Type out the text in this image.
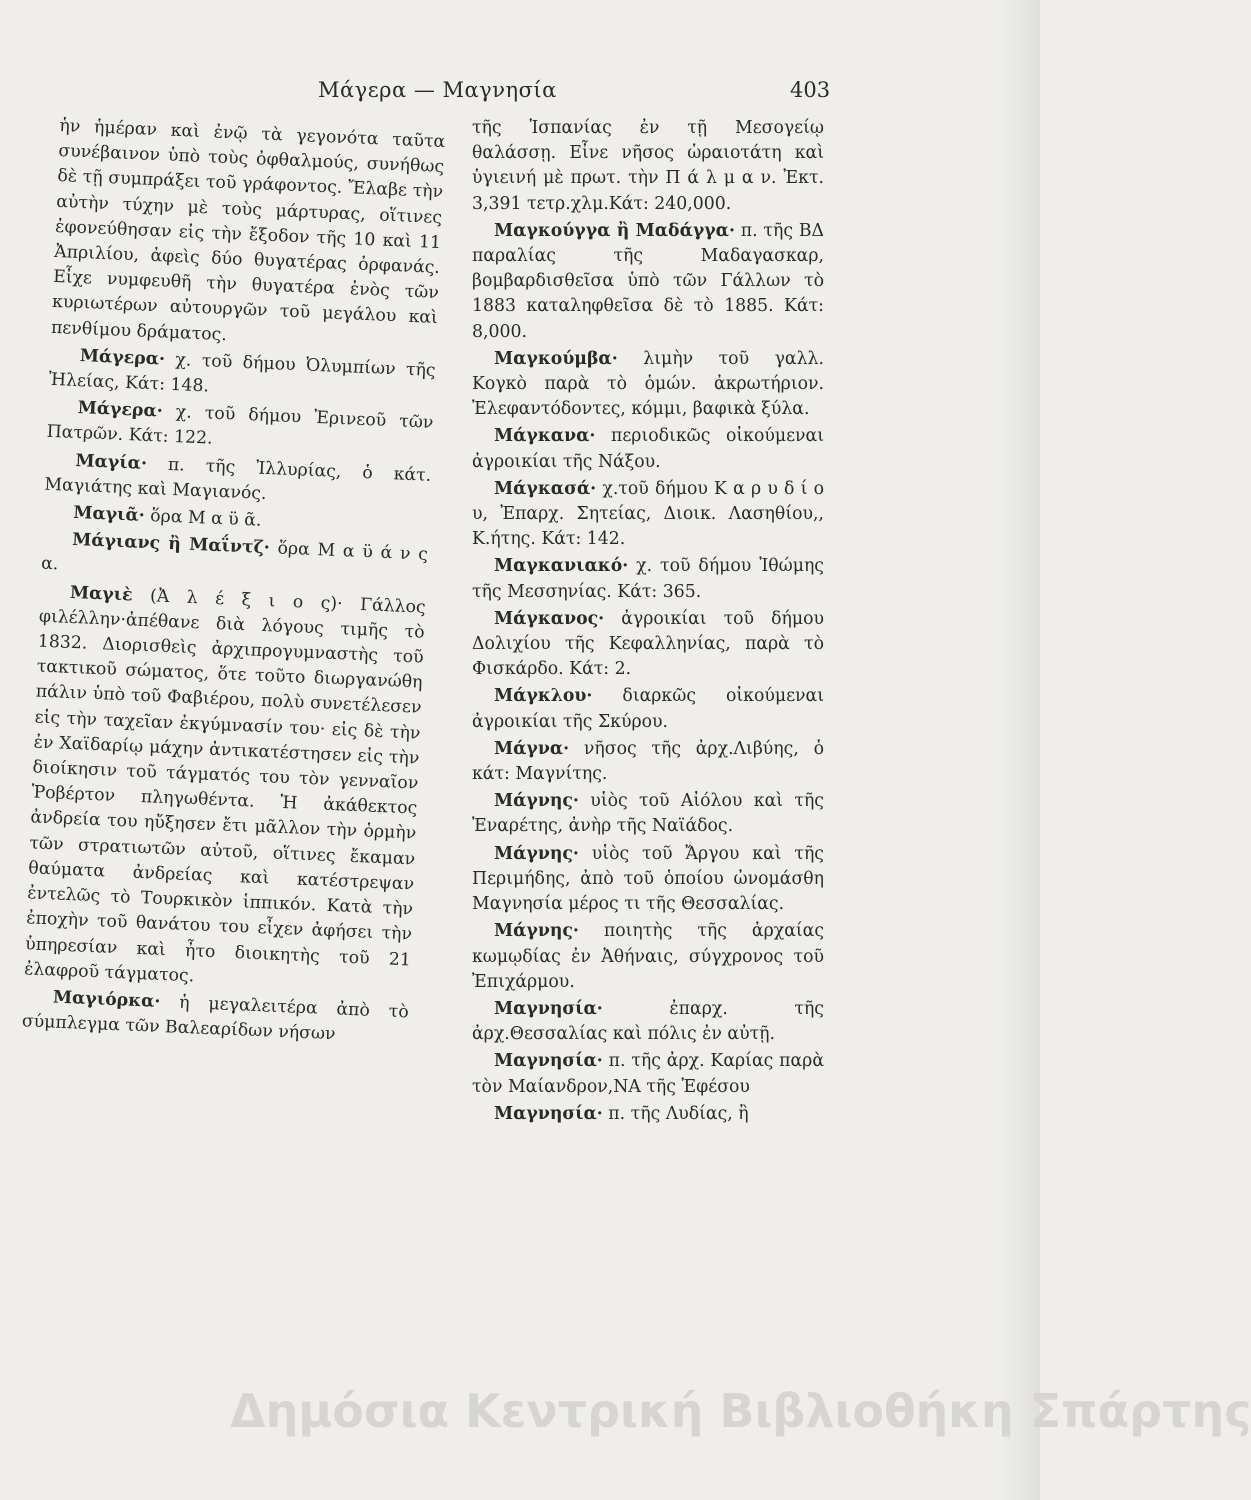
Μάγερα — Μαγνησία	403

ἡν ἡμέραν καὶ ἐνῷ τὰ γεγονότα ταῦτα συνέβαινον ὑπὸ τοὺς ὀφθαλμούς, συνήθως δὲ τῇ συμπράξει τοῦ γράφοντος. Ἔλαβε τὴν αὐτὴν τύχην μὲ τοὺς μάρτυρας, οἵτινες ἐφονεύθησαν εἰς τὴν ἔξοδον τῆς 10 καὶ 11 Ἀπριλίου, ἀφεὶς δύο θυγατέρας ὀρφανάς. Εἶχε νυμφευθῆ τὴν θυγατέρα ἑνὸς τῶν κυριωτέρων αὐτουργῶν τοῦ μεγάλου καὶ πενθίμου δράματος.

Μάγερα· χ. τοῦ δήμου Ὀλυμπίων τῆς Ἠλείας, Κάτ: 148.

Μάγερα· χ. τοῦ δήμου Ἐρινεοῦ τῶν Πατρῶν. Κάτ: 122.

Μαγία· π. τῆς Ἰλλυρίας, ὁ κάτ. Μαγιάτης καὶ Μαγιανός.

Μαγιᾶ· ὅρα Μ α ϋ ᾶ.

Μάγιανς ἢ Μαΐντζ· ὅρα Μ α ϋ ά ν ς α.

Μαγιὲ (Ἀ λ έ ξ ι ο ς)· Γάλλος φιλέλλην·ἀπέθανε διὰ λόγους τιμῆς τὸ 1832. Διορισθεὶς ἀρχιπρογυμναστὴς τοῦ τακτικοῦ σώματος, ὅτε τοῦτο διωργανώθη πάλιν ὑπὸ τοῦ Φαβιέρου, πολὺ συνετέλεσεν εἰς τὴν ταχεῖαν ἐκγύμνασίν του· εἰς δὲ τὴν ἐν Χαϊδαρίῳ μάχην ἀντικατέστησεν εἰς τὴν διοίκησιν τοῦ τάγματός του τὸν γενναῖον Ῥοβέρτον πληγωθέντα. Ἡ ἀκάθεκτος ἀνδρεία του ηὔξησεν ἔτι μᾶλλον τὴν ὁρμὴν τῶν στρατιωτῶν αὐτοῦ, οἵτινες ἔκαμαν θαύματα ἀνδρείας καὶ κατέστρεψαν ἐντελῶς τὸ Τουρκικὸν ἱππικόν. Κατὰ τὴν ἐποχὴν τοῦ θανάτου του εἶχεν ἀφήσει τὴν ὑπηρεσίαν καὶ ἦτο διοικητὴς τοῦ 21 ἐλαφροῦ τάγματος.

Μαγιόρκα· ἡ μεγαλειτέρα ἀπὸ τὸ σύμπλεγμα τῶν Βαλεαρίδων νήσων

τῆς Ἱσπανίας ἐν τῇ Μεσογείῳ θαλάσσῃ. Εἶνε νῆσος ὡραιοτάτη καὶ ὑγιεινή μὲ πρωτ. τὴν Π ά λ μ α ν. Ἐκτ. 3,391 τετρ.χλμ.Κάτ: 240,000.

Μαγκούγγα ἢ Μαδάγγα· π. τῆς ΒΔ παραλίας τῆς Μαδαγασκαρ, βομβαρδισθεῖσα ὑπὸ τῶν Γάλλων τὸ 1883 καταληφθεῖσα δὲ τὸ 1885. Κάτ: 8,000.

Μαγκούμβα· λιμὴν τοῦ γαλλ. Κογκὸ παρὰ τὸ ὁμών. ἀκρωτήριον. Ἐλεφαντόδοντες, κόμμι, βαφικὰ ξύλα.

Μάγκανα· περιοδικῶς οἰκούμεναι ἀγροικίαι τῆς Νάξου.

Μάγκασά· χ.τοῦ δήμου Κ α ρ υ δ ί ο υ, Ἐπαρχ. Σητείας, Διοικ. Λασηθίου,, Κ.ήτης. Κάτ: 142.

Μαγκανιακό· χ. τοῦ δήμου Ἰθώμης τῆς Μεσσηνίας. Κάτ: 365.

Μάγκανος· ἀγροικίαι τοῦ δήμου Δολιχίου τῆς Κεφαλληνίας, παρὰ τὸ Φισκάρδο. Κάτ: 2.

Μάγκλου· διαρκῶς οἰκούμεναι ἀγροικίαι τῆς Σκύρου.

Μάγνα· νῆσος τῆς ἀρχ.Λιβύης, ὁ κάτ: Μαγνίτης.

Μάγνης· υἱὸς τοῦ Αἰόλου καὶ τῆς Ἐναρέτης, ἀνὴρ τῆς Ναϊάδος.

Μάγνης· υἱὸς τοῦ Ἄργου καὶ τῆς Περιμήδης, ἀπὸ τοῦ ὁποίου ὠνομάσθη Μαγνησία μέρος τι τῆς Θεσσαλίας.

Μάγνης· ποιητὴς τῆς ἀρχαίας κωμῳδίας ἐν Ἀθήναις, σύγχρονος τοῦ Ἐπιχάρμου.

Μαγνησία· ἐπαρχ. τῆς ἀρχ.Θεσσαλίας καὶ πόλις ἐν αὐτῇ.

Μαγνησία· π. τῆς ἀρχ. Καρίας παρὰ τὸν Μαίανδρον,ΝΑ τῆς Ἐφέσου

Μαγνησία· π. τῆς Λυδίας, ἢ

Δημόσια Κεντρική Βιβλιοθήκη Σπάρτης
